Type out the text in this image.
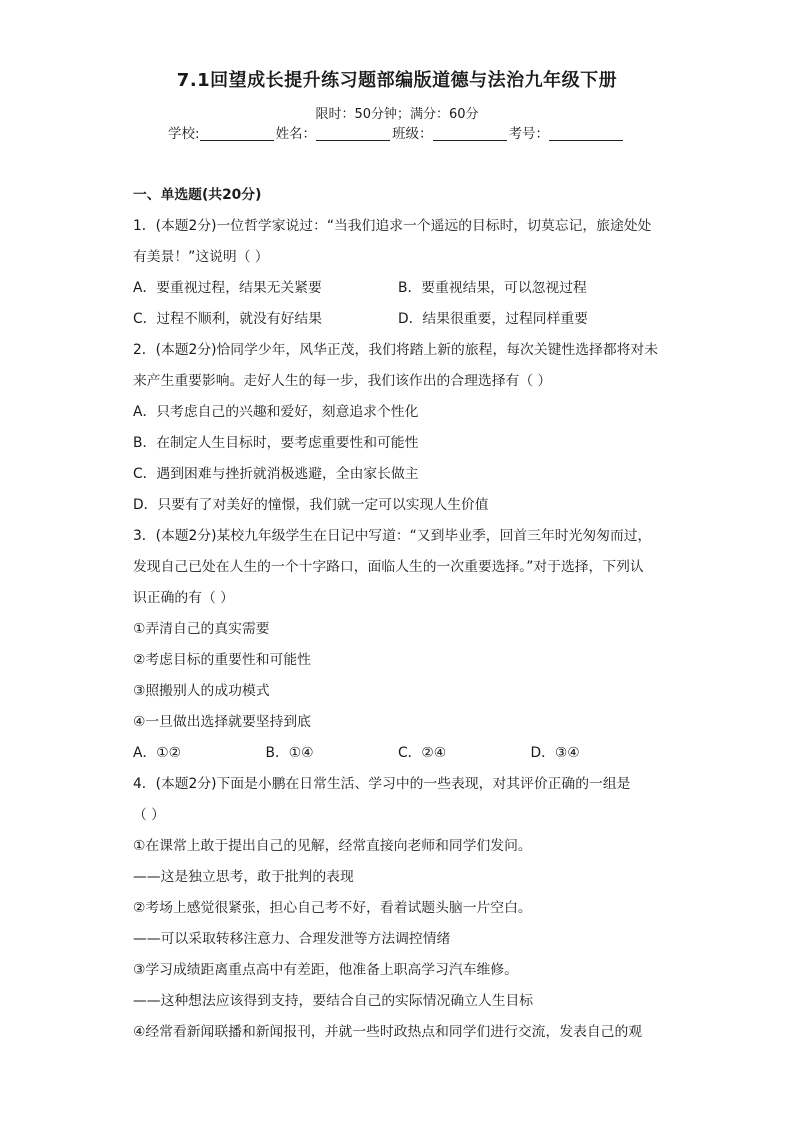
7.1回望成长提升练习题部编版道德与法治九年级下册
限时：50分钟；满分：60分
学校:	姓名：	班级：	考号：
一、单选题(共20分)
1．(本题2分)一位哲学家说过：“当我们追求一个遥远的目标时，切莫忘记，旅途处处
有美景！”这说明（ ）
A．要重视过程，结果无关紧要	B．要重视结果，可以忽视过程
C．过程不顺利，就没有好结果	D．结果很重要，过程同样重要
2．(本题2分)恰同学少年，风华正茂，我们将踏上新的旅程，每次关键性选择都将对未
来产生重要影响。走好人生的每一步，我们该作出的合理选择有（ ）
A．只考虑自己的兴趣和爱好，刻意追求个性化
B．在制定人生目标时，要考虑重要性和可能性
C．遇到困难与挫折就消极逃避，全由家长做主
D．只要有了对美好的憧憬，我们就一定可以实现人生价值
3．(本题2分)某校九年级学生在日记中写道：“又到毕业季，回首三年时光匆匆而过，
发现自己已处在人生的一个十字路口，面临人生的一次重要选择。”对于选择，下列认
识正确的有（ ）
①弄清自己的真实需要
②考虑目标的重要性和可能性
③照搬别人的成功模式
④一旦做出选择就要坚持到底
A．①②	B．①④	C．②④	D．③④
4．(本题2分)下面是小鹏在日常生活、学习中的一些表现，对其评价正确的一组是
（ ）
①在课常上敢于提出自己的见解，经常直接向老师和同学们发问。
——这是独立思考，敢于批判的表现
②考场上感觉很紧张，担心自己考不好，看着试题头脑一片空白。
——可以采取转移注意力、合理发泄等方法调控情绪
③学习成绩距离重点高中有差距，他准备上职高学习汽车维修。
——这种想法应该得到支持，要结合自己的实际情况确立人生目标
④经常看新闻联播和新闻报刊，并就一些时政热点和同学们进行交流，发表自己的观
